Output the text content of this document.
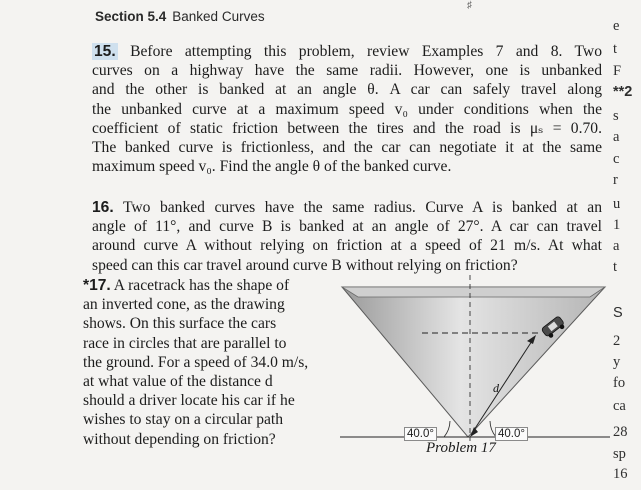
Section 5.4 Banked Curves
♯
15. Before attempting this problem, review Examples 7 and 8. Two
curves on a highway have the same radii. However, one is unbanked
and the other is banked at an angle θ. A car can safely travel along
the unbanked curve at a maximum speed v₀ under conditions when the
coefficient of static friction between the tires and the road is μₛ = 0.70.
The banked curve is frictionless, and the car can negotiate it at the same
maximum speed v₀. Find the angle θ of the banked curve.
16. Two banked curves have the same radius. Curve A is banked at an
angle of 11°, and curve B is banked at an angle of 27°. A car can travel
around curve A without relying on friction at a speed of 21 m/s. At what
speed can this car travel around curve B without relying on friction?
*17. A racetrack has the shape of
an inverted cone, as the drawing
shows. On this surface the cars
race in circles that are parallel to
the ground. For a speed of 34.0 m/s,
at what value of the distance d
should a driver locate his car if he
wishes to stay on a circular path
without depending on friction?
d
40.0°	40.0°
Problem 17
e
t
F
**2
s
a
c
r
u
1
a
t
S
2
y
fo
ca
28
sp
16
